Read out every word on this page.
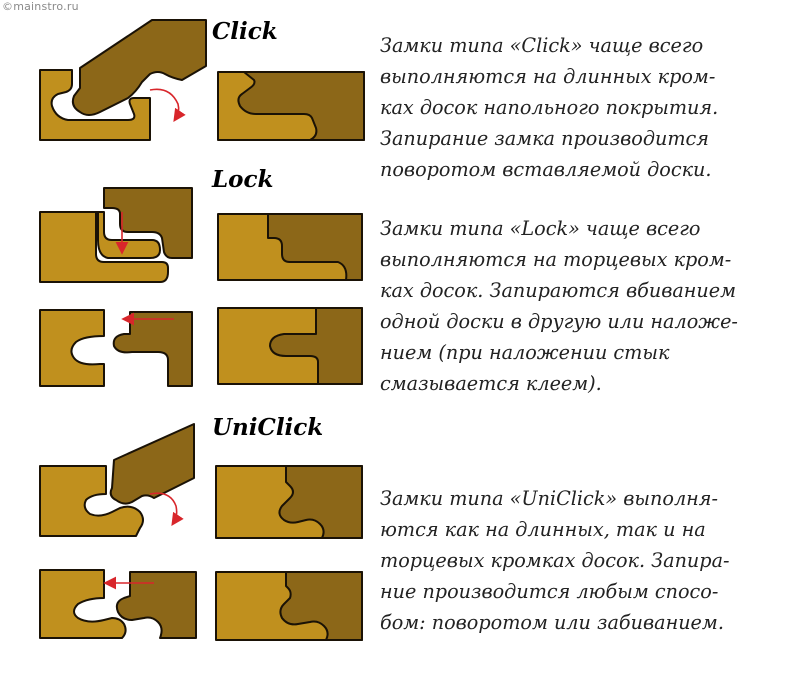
©mainstro.ru
Click
Lock
UniClick
Замки типа «Click» чаще всего
выполняются на длинных кром-
ках досок напольного покрытия.
Запирание замка производится
поворотом вставляемой доски.
Замки типа «Lock» чаще всего
выполняются на торцевых кром-
ках досок. Запираются вбиванием
одной доски в другую или наложе-
нием (при наложении стык
смазывается клеем).
Замки типа «UniClick» выполня-
ются как на длинных, так и на
торцевых кромках досок. Запира-
ние производится любым спосо-
бом: поворотом или забиванием.
